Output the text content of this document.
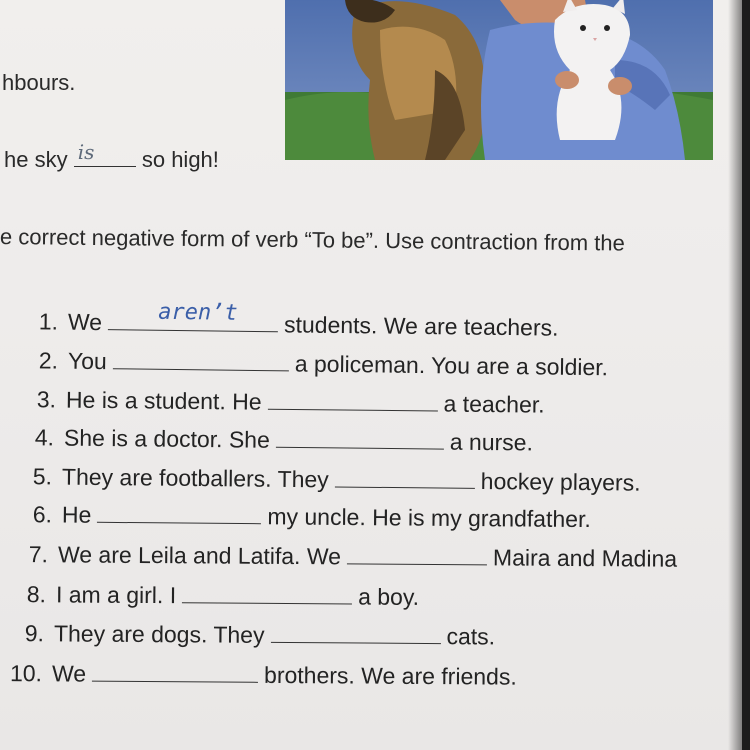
hbours.
he sky is so high!
e correct negative form of verb “To be”. Use contraction from the
1. We	aren’t students. We are teachers.
2. You	a policeman. You are a soldier.
3. He is a student. He	a teacher.
4. She is a doctor. She	a nurse.
5. They are footballers. They	hockey players.
6. He	my uncle. He is my grandfather.
7. We are Leila and Latifa. We	Maira and Madina
8. I am a girl. I	a boy.
9. They are dogs. They	cats.
10. We	brothers. We are friends.
